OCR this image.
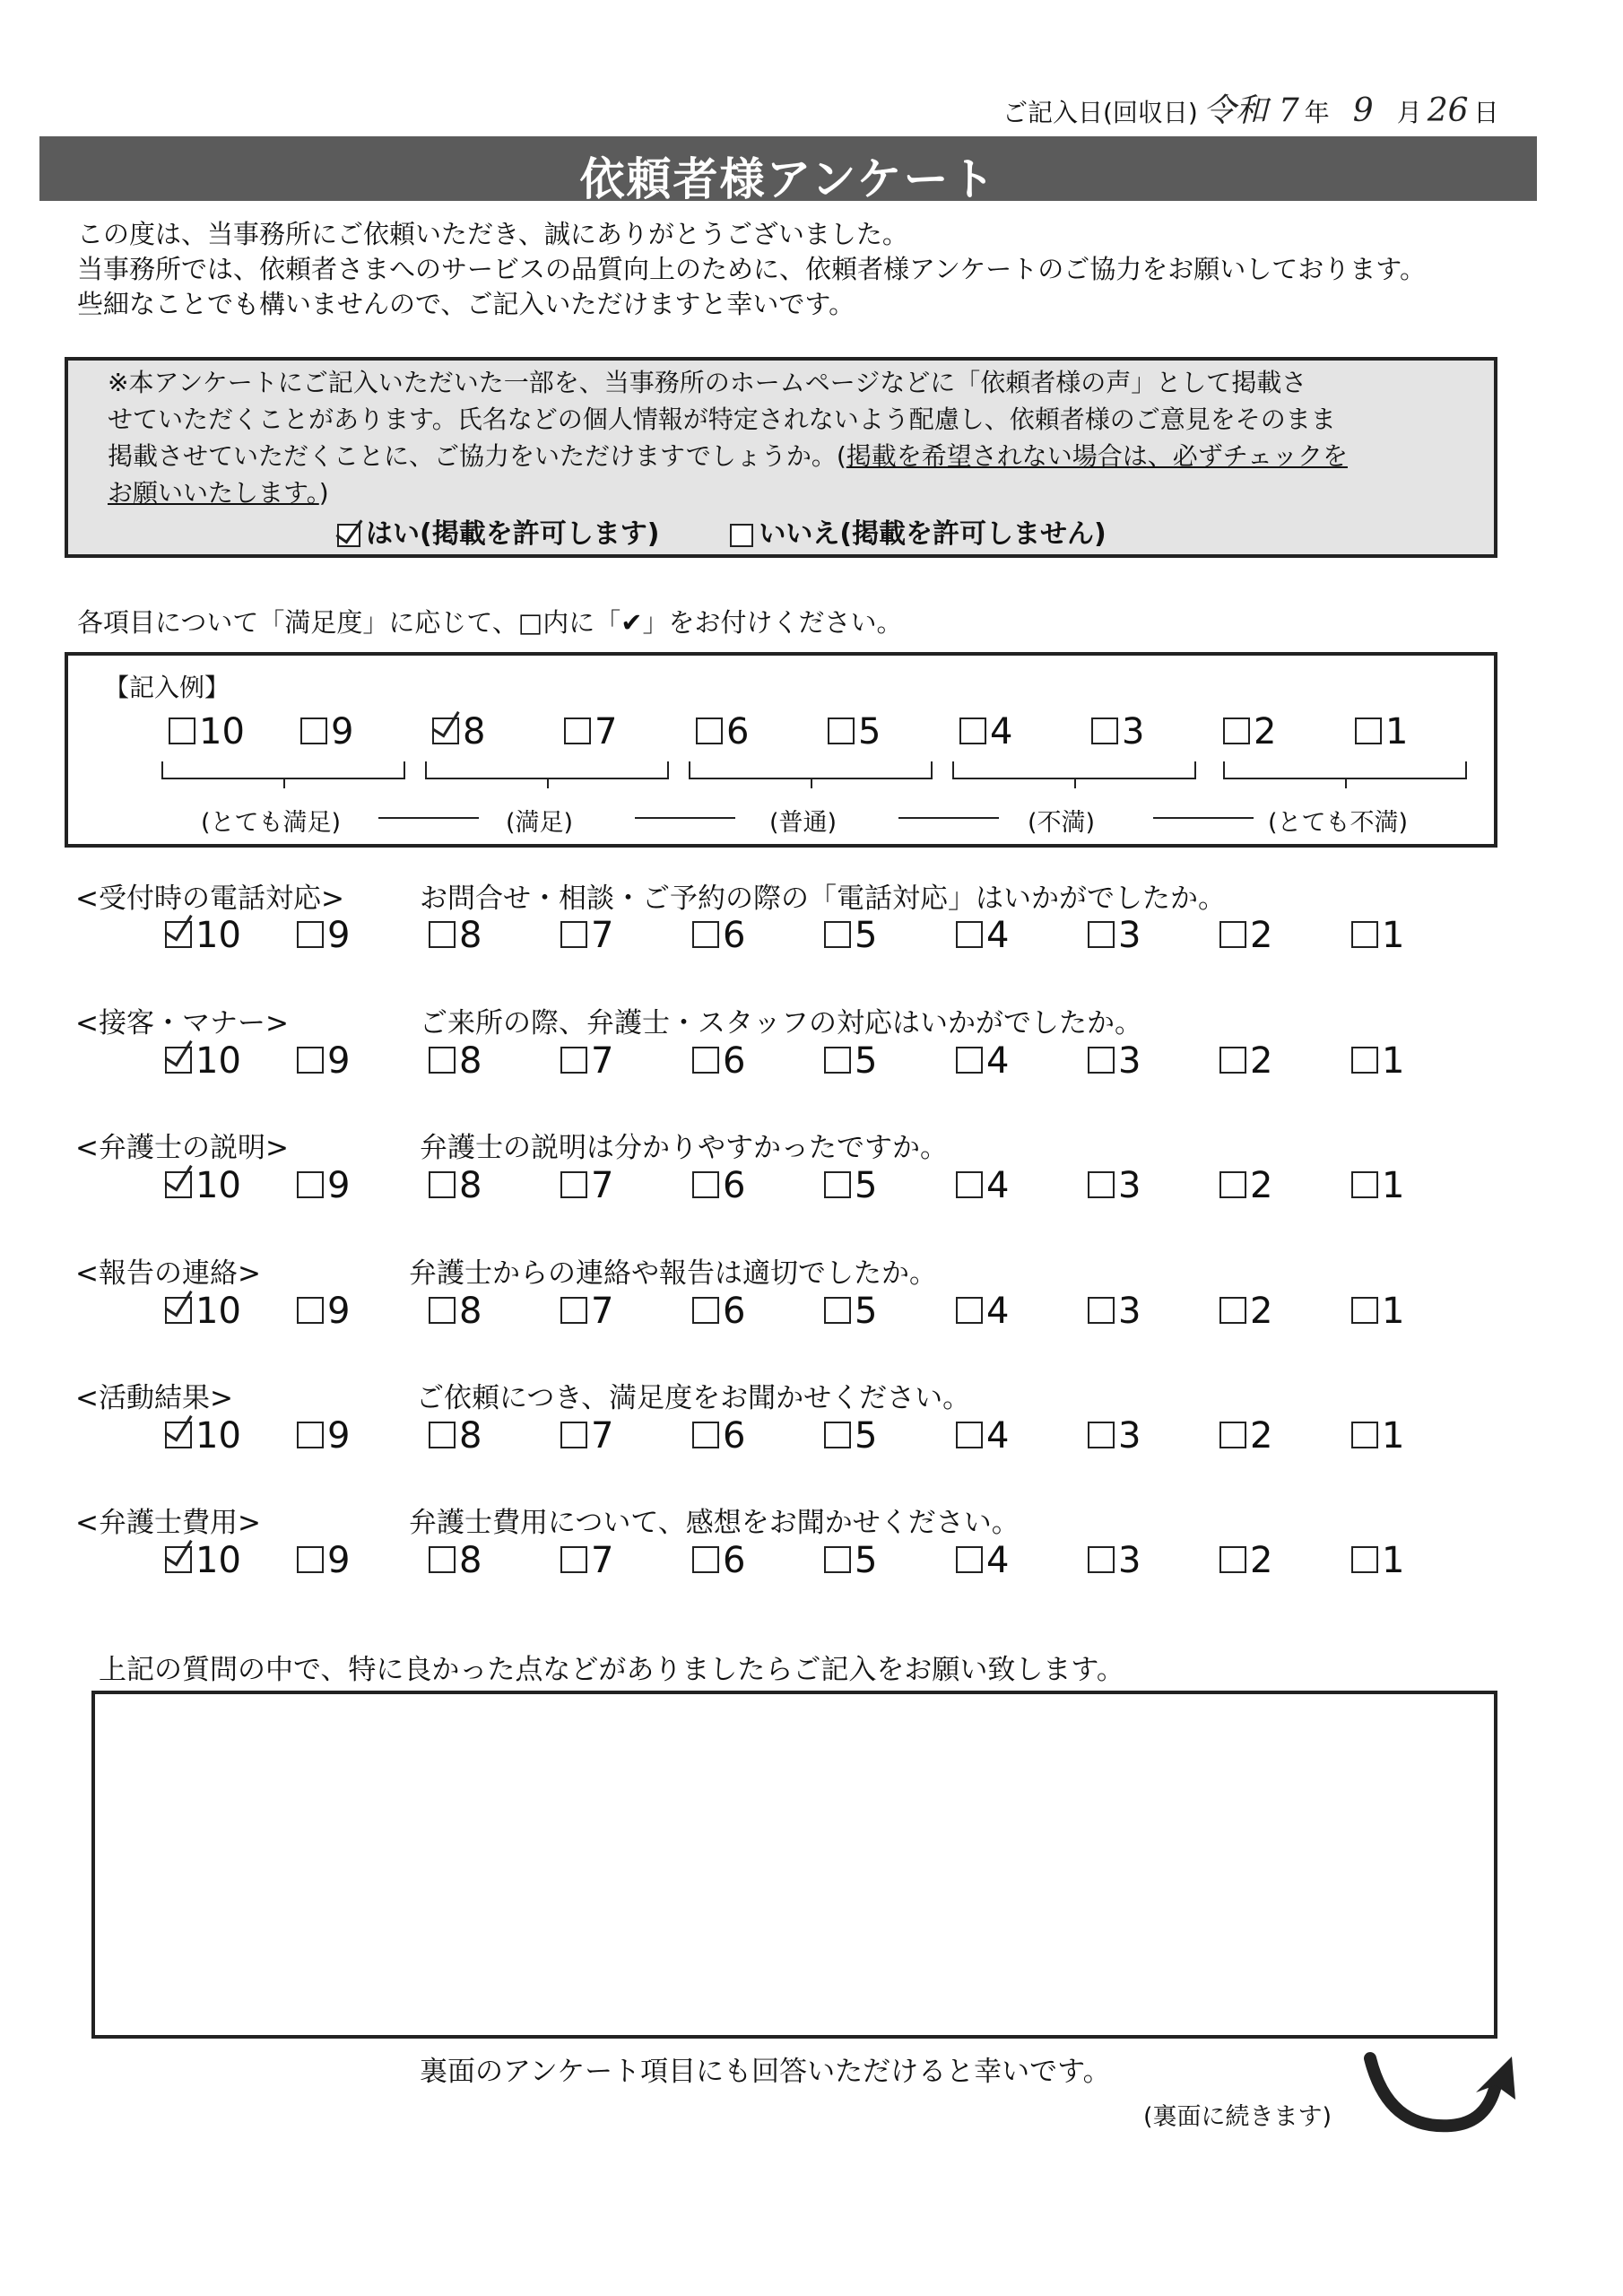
ご記入日(回収日) 令和 7 年 9 月 26 日
依頼者様アンケート
この度は、当事務所にご依頼いただき、誠にありがとうございました。
当事務所では、依頼者さまへのサービスの品質向上のために、依頼者様アンケートのご協力をお願いしております。
些細なことでも構いませんので、ご記入いただけますと幸いです。
※本アンケートにご記入いただいた一部を、当事務所のホームページなどに「依頼者様の声」として掲載さ
せていただくことがあります。氏名などの個人情報が特定されないよう配慮し、依頼者様のご意見をそのまま
掲載させていただくことに、ご協力をいただけますでしょうか。(掲載を希望されない場合は、必ずチェックを
お願いいたします。)
はい(掲載を許可します)	いいえ(掲載を許可しません)
各項目について「満足度」に応じて、□内に「✔」をお付けください。
【記入例】
10	9	8	7	6	5	4	3	2	1
(とても満足)	(満足)	(普通)	(不満)	(とても不満)
<受付時の電話対応>	お問合せ・相談・ご予約の際の「電話対応」はいかがでしたか。
10	9	8	7	6	5	4	3	2	1
<接客・マナー>	ご来所の際、弁護士・スタッフの対応はいかがでしたか。
10	9	8	7	6	5	4	3	2	1
<弁護士の説明>	弁護士の説明は分かりやすかったですか。
10	9	8	7	6	5	4	3	2	1
<報告の連絡>	弁護士からの連絡や報告は適切でしたか。
10	9	8	7	6	5	4	3	2	1
<活動結果>	ご依頼につき、満足度をお聞かせください。
10	9	8	7	6	5	4	3	2	1
<弁護士費用>	弁護士費用について、感想をお聞かせください。
10	9	8	7	6	5	4	3	2	1
上記の質問の中で、特に良かった点などがありましたらご記入をお願い致します。
裏面のアンケート項目にも回答いただけると幸いです。
(裏面に続きます)
